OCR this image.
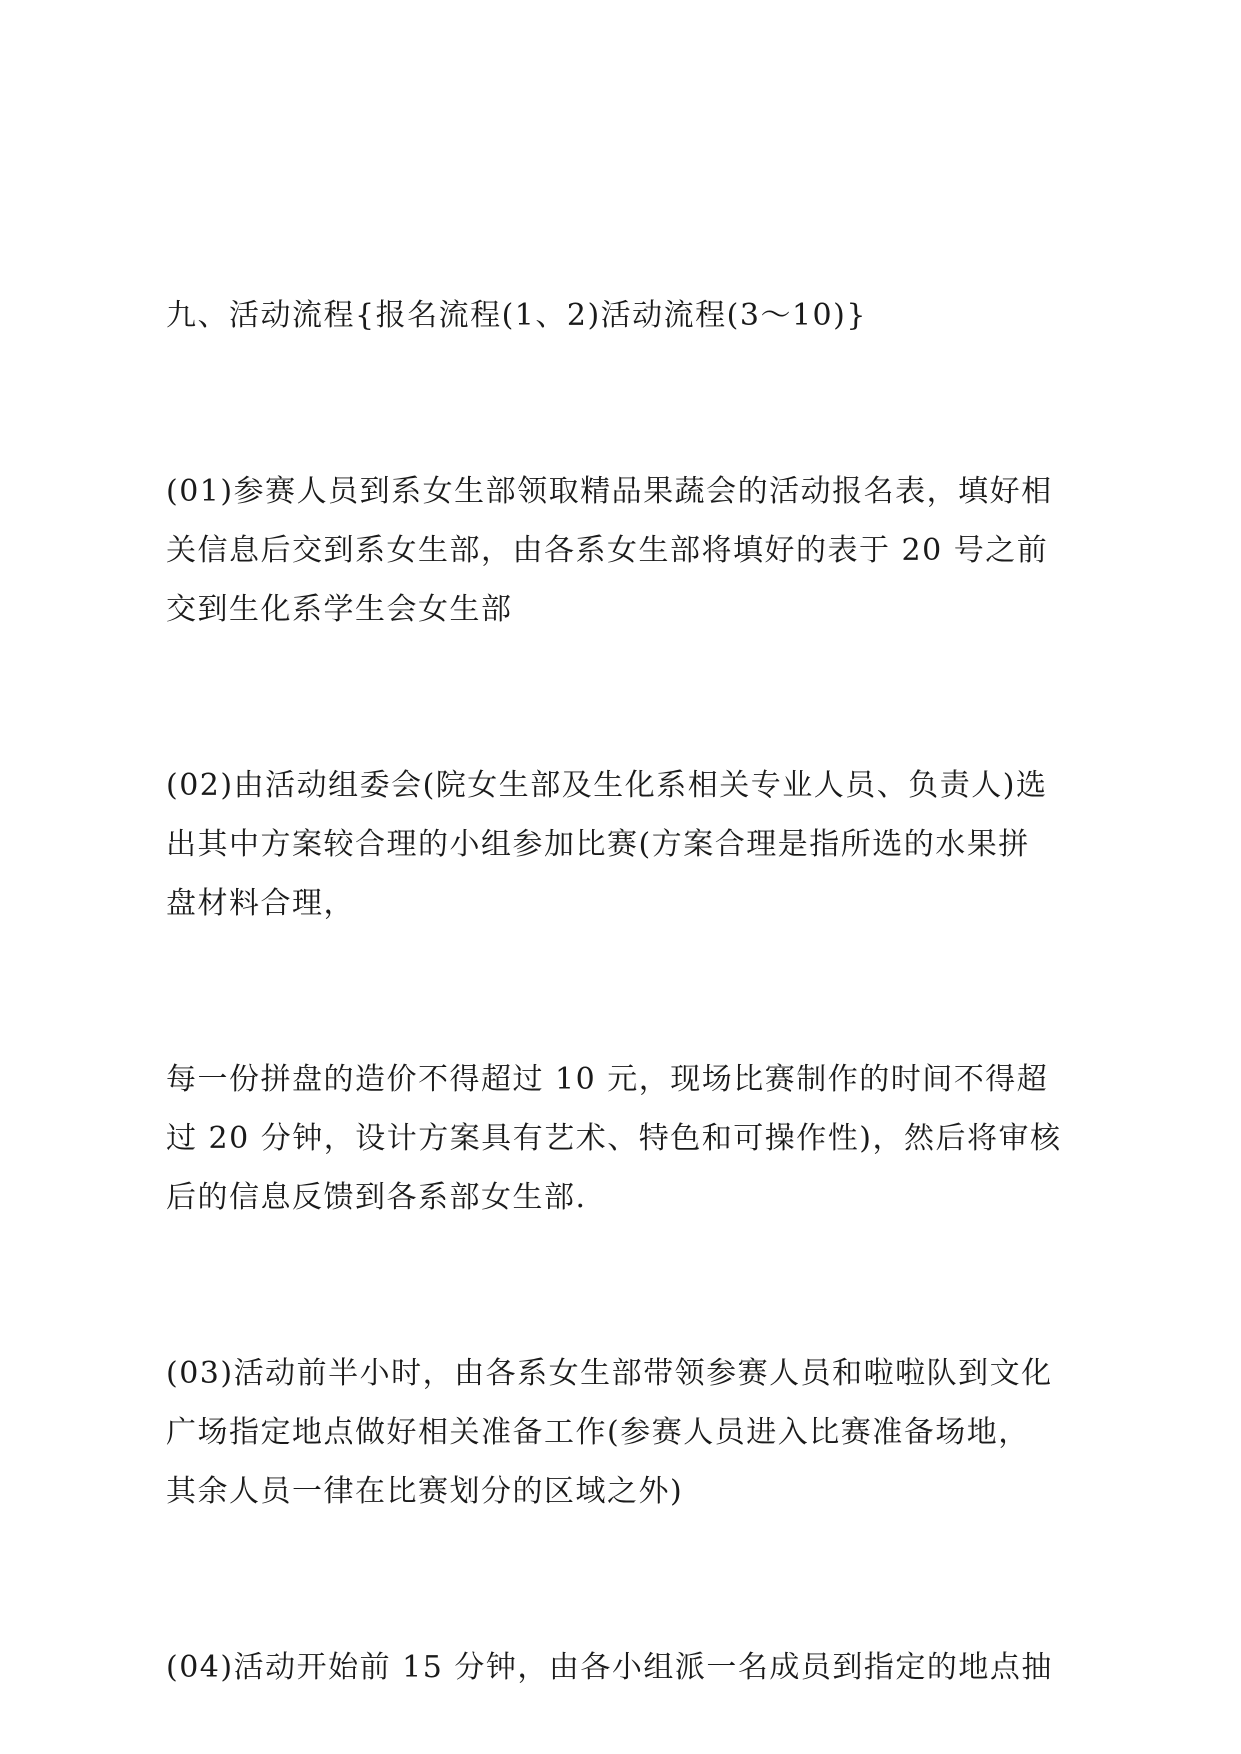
九、活动流程{报名流程(1、2)活动流程(3～10)}

(01)参赛人员到系女生部领取精品果蔬会的活动报名表，填好相
关信息后交到系女生部，由各系女生部将填好的表于 20 号之前
交到生化系学生会女生部

(02)由活动组委会(院女生部及生化系相关专业人员、负责人)选
出其中方案较合理的小组参加比赛(方案合理是指所选的水果拼
盘材料合理，

每一份拼盘的造价不得超过 10 元，现场比赛制作的时间不得超
过 20 分钟，设计方案具有艺术、特色和可操作性)，然后将审核
后的信息反馈到各系部女生部.

(03)活动前半小时，由各系女生部带领参赛人员和啦啦队到文化
广场指定地点做好相关准备工作(参赛人员进入比赛准备场地，
其余人员一律在比赛划分的区域之外)

(04)活动开始前 15 分钟，由各小组派一名成员到指定的地点抽
